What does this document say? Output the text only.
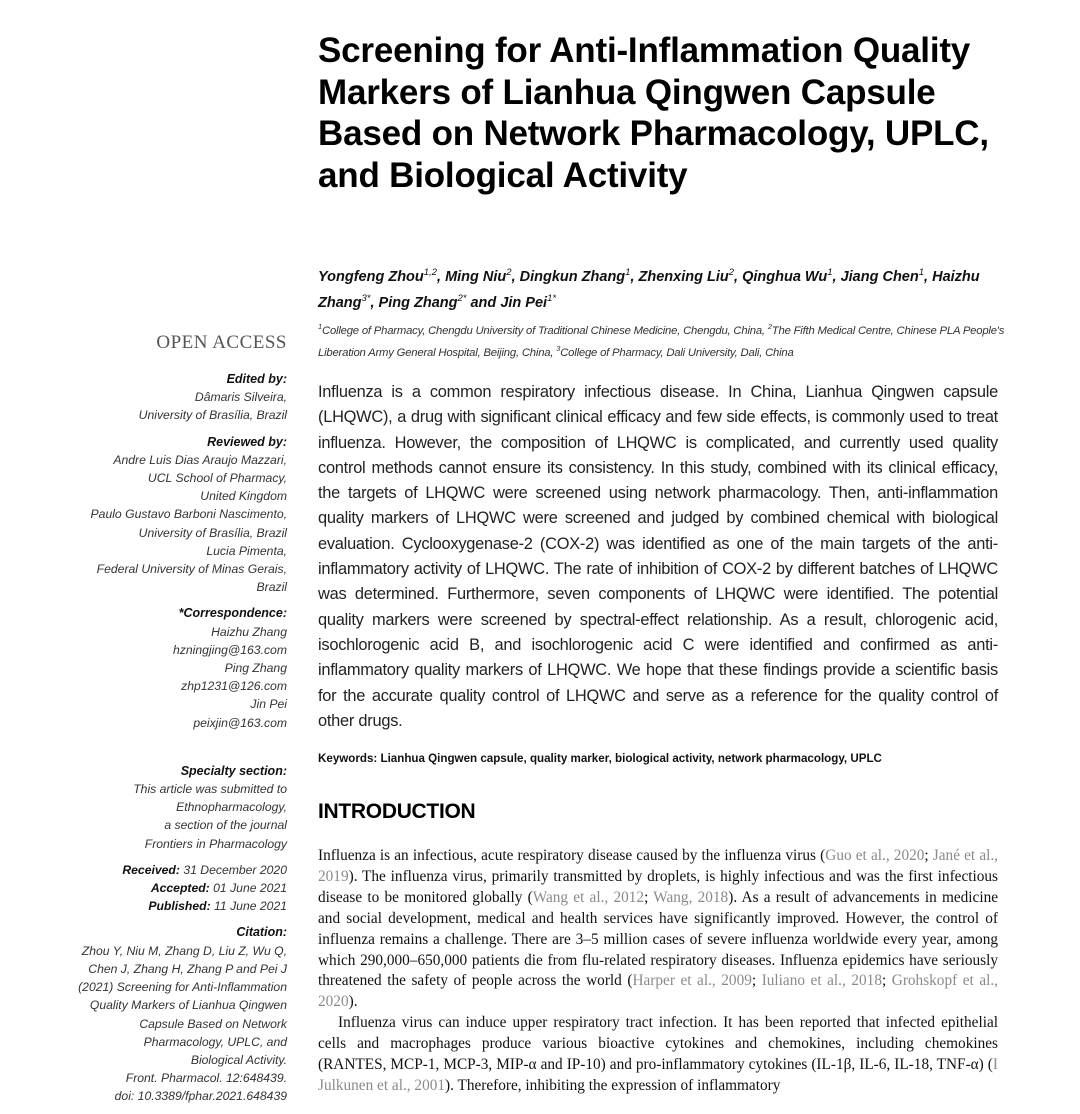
OPEN ACCESS
Edited by:
Dâmaris Silveira,
University of Brasília, Brazil
Reviewed by:
Andre Luis Dias Araujo Mazzari,
UCL School of Pharmacy,
United Kingdom
Paulo Gustavo Barboni Nascimento,
University of Brasília, Brazil
Lucia Pimenta,
Federal University of Minas Gerais,
Brazil
*Correspondence:
Haizhu Zhang
hzningjing@163.com
Ping Zhang
zhp1231@126.com
Jin Pei
peixjin@163.com
Specialty section:
This article was submitted to
Ethnopharmacology,
a section of the journal
Frontiers in Pharmacology
Received: 31 December 2020
Accepted: 01 June 2021
Published: 11 June 2021
Citation:
Zhou Y, Niu M, Zhang D, Liu Z, Wu Q,
Chen J, Zhang H, Zhang P and Pei J
(2021) Screening for Anti-Inflammation
Quality Markers of Lianhua Qingwen
Capsule Based on Network
Pharmacology, UPLC, and
Biological Activity.
Front. Pharmacol. 12:648439.
doi: 10.3389/fphar.2021.648439
Screening for Anti-Inflammation Quality Markers of Lianhua Qingwen Capsule Based on Network Pharmacology, UPLC, and Biological Activity
Yongfeng Zhou$^{1,2}$, Ming Niu$^2$, Dingkun Zhang$^1$, Zhenxing Liu$^2$, Qinghua Wu$^1$, Jiang Chen$^1$, Haizhu Zhang$^{3*}$, Ping Zhang$^{2*}$ and Jin Pei$^{1*}$
$^1$College of Pharmacy, Chengdu University of Traditional Chinese Medicine, Chengdu, China, $^2$The Fifth Medical Centre, Chinese PLA People's Liberation Army General Hospital, Beijing, China, $^3$College of Pharmacy, Dali University, Dali, China

Influenza is a common respiratory infectious disease. In China, Lianhua Qingwen capsule (LHQWC), a drug with significant clinical efficacy and few side effects, is commonly used to treat influenza. However, the composition of LHQWC is complicated, and currently used quality control methods cannot ensure its consistency. In this study, combined with its clinical efficacy, the targets of LHQWC were screened using network pharmacology. Then, anti-inflammation quality markers of LHQWC were screened and judged by combined chemical with biological evaluation. Cyclooxygenase-2 (COX-2) was identified as one of the main targets of the anti-inflammatory activity of LHQWC. The rate of inhibition of COX-2 by different batches of LHQWC was determined. Furthermore, seven components of LHQWC were identified. The potential quality markers were screened by spectral-effect relationship. As a result, chlorogenic acid, isochlorogenic acid B, and isochlorogenic acid C were identified and confirmed as anti-inflammatory quality markers of LHQWC. We hope that these findings provide a scientific basis for the accurate quality control of LHQWC and serve as a reference for the quality control of other drugs.

Keywords: Lianhua Qingwen capsule, quality marker, biological activity, network pharmacology, UPLC
INTRODUCTION

Influenza is an infectious, acute respiratory disease caused by the influenza virus (Guo et al., 2020; Jané et al., 2019). The influenza virus, primarily transmitted by droplets, is highly infectious and was the first infectious disease to be monitored globally (Wang et al., 2012; Wang, 2018). As a result of advancements in medicine and social development, medical and health services have significantly improved. However, the control of influenza remains a challenge. There are 3–5 million cases of severe influenza worldwide every year, among which 290,000–650,000 patients die from flu-related respiratory diseases. Influenza epidemics have seriously threatened the safety of people across the world (Harper et al., 2009; Iuliano et al., 2018; Grohskopf et al., 2020).

Influenza virus can induce upper respiratory tract infection. It has been reported that infected epithelial cells and macrophages produce various bioactive cytokines and chemokines, including chemokines (RANTES, MCP-1, MCP-3, MIP-α and IP-10) and pro-inflammatory cytokines (IL-1β, IL-6, IL-18, TNF-α) (I Julkunen et al., 2001). Therefore, inhibiting the expression of inflammatory
